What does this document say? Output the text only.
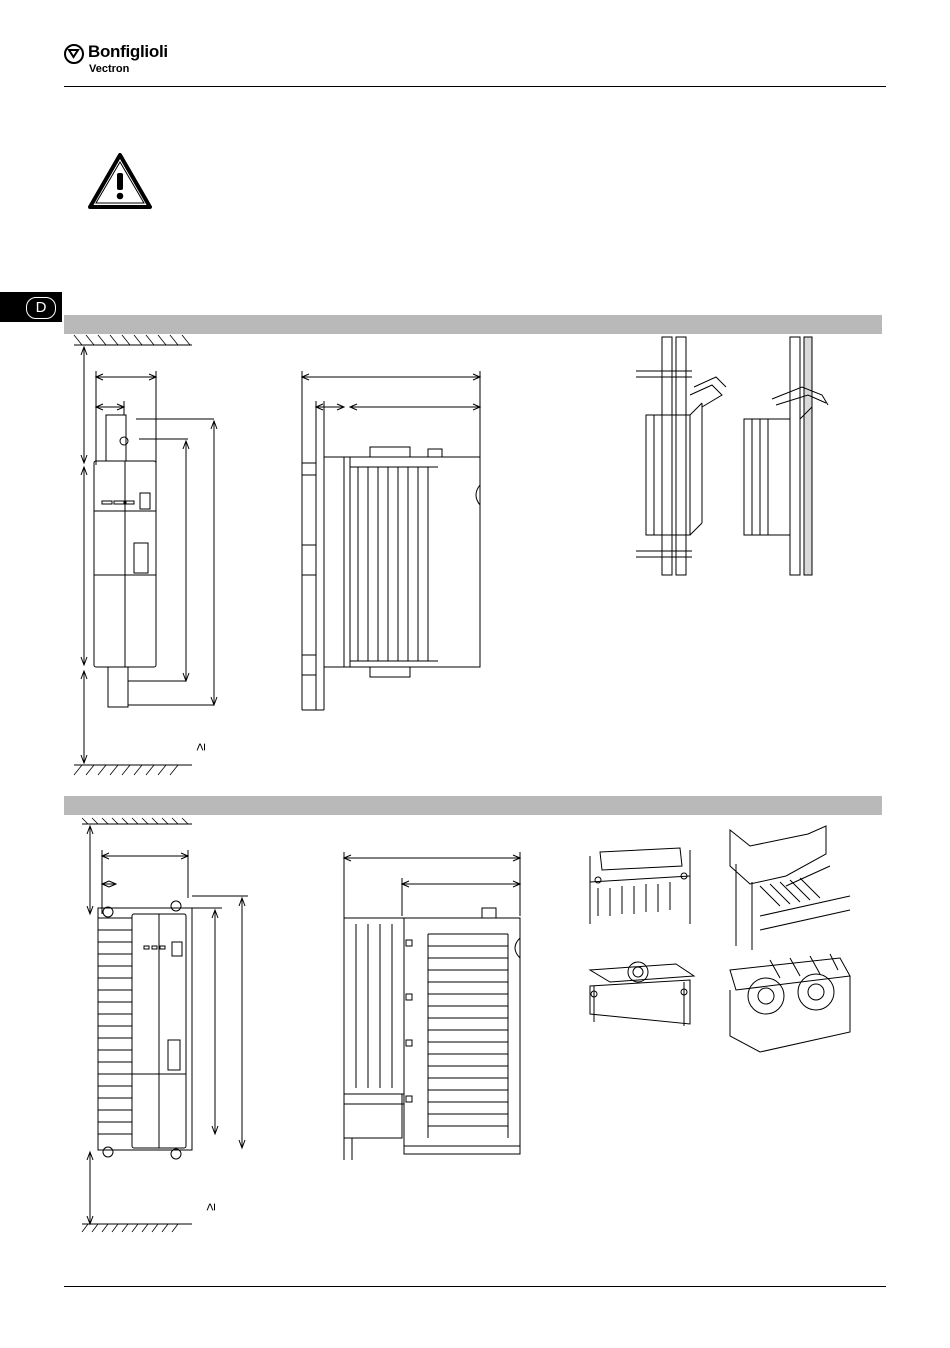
Bonfiglioli
Vectron
D
≥
≥
